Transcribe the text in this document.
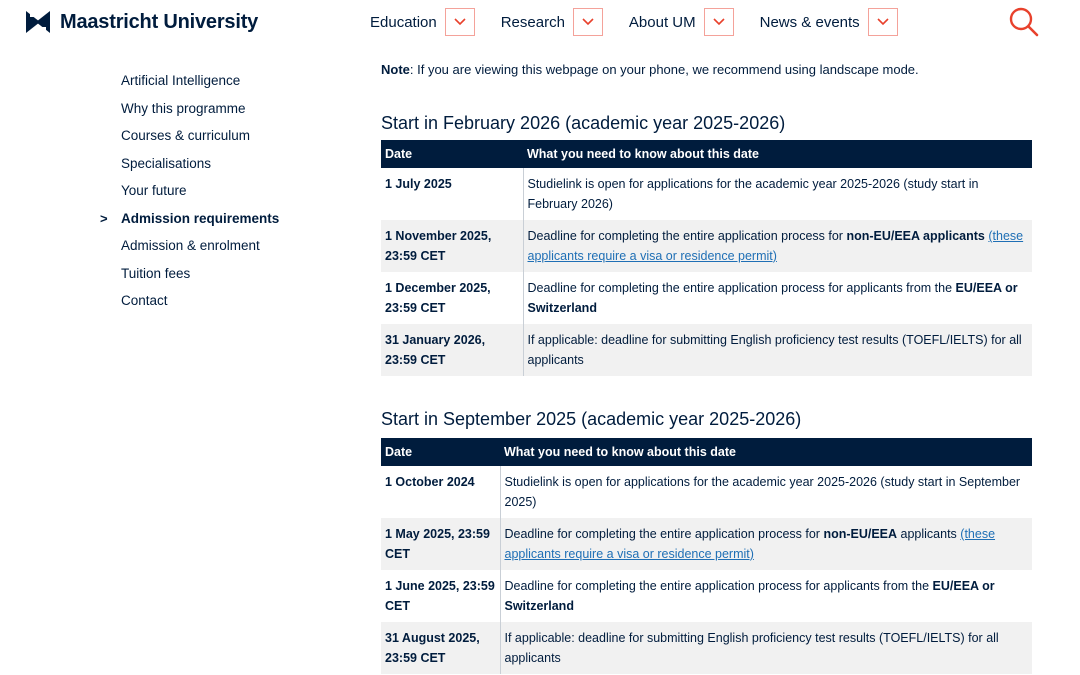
Maastricht University	Education	Research	About UM	News & events
Artificial Intelligence
Why this programme
Courses & curriculum
Specialisations
Your future
> Admission requirements
Admission & enrolment
Tuition fees
Contact
Note: If you are viewing this webpage on your phone, we recommend using landscape mode.
Start in February 2026 (academic year 2025-2026)
Date	What you need to know about this date
1 July 2025	Studielink is open for applications for the academic year 2025-2026 (study start in February 2026)
1 November 2025, 23:59 CET	Deadline for completing the entire application process for non-EU/EEA applicants (these applicants require a visa or residence permit)
1 December 2025, 23:59 CET	Deadline for completing the entire application process for applicants from the EU/EEA or Switzerland
31 January 2026, 23:59 CET	If applicable: deadline for submitting English proficiency test results (TOEFL/IELTS) for all applicants
Start in September 2025 (academic year 2025-2026)
Date	What you need to know about this date
1 October 2024	Studielink is open for applications for the academic year 2025-2026 (study start in September 2025)
1 May 2025, 23:59 CET	Deadline for completing the entire application process for non-EU/EEA applicants (these applicants require a visa or residence permit)
1 June 2025, 23:59 CET	Deadline for completing the entire application process for applicants from the EU/EEA or Switzerland
31 August 2025, 23:59 CET	If applicable: deadline for submitting English proficiency test results (TOEFL/IELTS) for all applicants
